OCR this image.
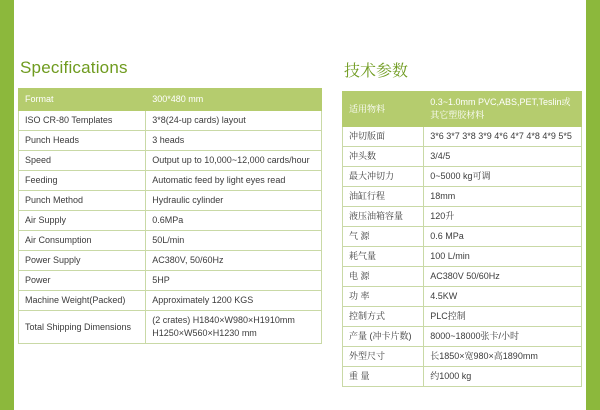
Specifications
Format	300*480 mm
ISO CR-80 Templates	3*8(24-up cards) layout
Punch Heads	3 heads
Speed	Output up to 10,000~12,000 cards/hour
Feeding	Automatic feed by light eyes read
Punch Method	Hydraulic cylinder
Air Supply	0.6MPa
Air Consumption	50L/min
Power Supply	AC380V, 50/60Hz
Power	5HP
Machine Weight(Packed)	Approximately 1200 KGS
Total Shipping Dimensions	(2 crates) H1840×W980×H1910mm H1250×W560×H1230 mm
技术参数
适用物料	0.3~1.0mm PVC,ABS,PET,Teslin或其它塑胶材料
冲切版面	3*6 3*7 3*8 3*9 4*6 4*7 4*8 4*9 5*5
冲头数	3/4/5
最大冲切力	0~5000 kg可调
油缸行程	18mm
液压油箱容量	120升
气 源	0.6 MPa
耗气量	100 L/min
电 源	AC380V 50/60Hz
功 率	4.5KW
控制方式	PLC控制
产量 (冲卡片数)	8000~18000张卡/小时
外型尺寸	长1850×宽980×高1890mm
重 量	约1000 kg
